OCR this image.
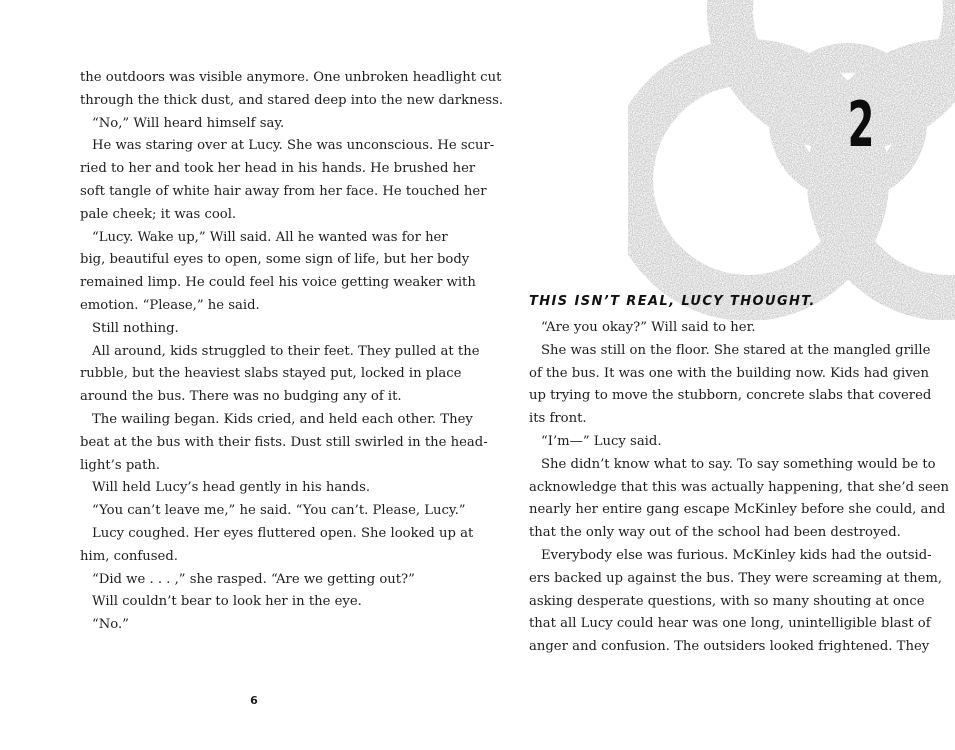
the outdoors was visible anymore. One unbroken headlight cut
through the thick dust, and stared deep into the new darkness.
“No,” Will heard himself say.
He was staring over at Lucy. She was unconscious. He scur-
ried to her and took her head in his hands. He brushed her
soft tangle of white hair away from her face. He touched her
pale cheek; it was cool.
“Lucy. Wake up,” Will said. All he wanted was for her
big, beautiful eyes to open, some sign of life, but her body
remained limp. He could feel his voice getting weaker with
emotion. “Please,” he said.
Still nothing.
All around, kids struggled to their feet. They pulled at the
rubble, but the heaviest slabs stayed put, locked in place
around the bus. There was no budging any of it.
The wailing began. Kids cried, and held each other. They
beat at the bus with their fists. Dust still swirled in the head-
light’s path.
Will held Lucy’s head gently in his hands.
“You can’t leave me,” he said. “You can’t. Please, Lucy.”
Lucy coughed. Her eyes fluttered open. She looked up at
him, confused.
“Did we . . . ,” she rasped. “Are we getting out?”
Will couldn’t bear to look her in the eye.
“No.”
6
2
THIS ISN’T REAL, LUCY THOUGHT.
“Are you okay?” Will said to her.
She was still on the floor. She stared at the mangled grille
of the bus. It was one with the building now. Kids had given
up trying to move the stubborn, concrete slabs that covered
its front.
“I’m—” Lucy said.
She didn’t know what to say. To say something would be to
acknowledge that this was actually happening, that she’d seen
nearly her entire gang escape McKinley before she could, and
that the only way out of the school had been destroyed.
Everybody else was furious. McKinley kids had the outsid-
ers backed up against the bus. They were screaming at them,
asking desperate questions, with so many shouting at once
that all Lucy could hear was one long, unintelligible blast of
anger and confusion. The outsiders looked frightened. They
